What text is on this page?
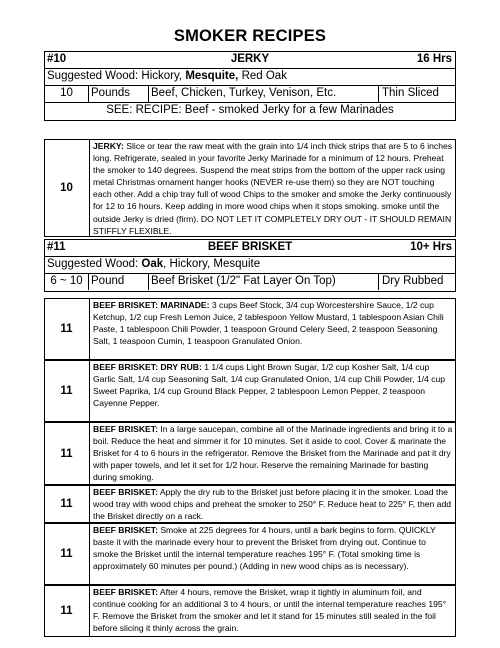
SMOKER RECIPES
#10	JERKY	16 Hrs
Suggested Wood: Hickory, Mesquite, Red Oak
10	Pounds	Beef, Chicken, Turkey, Venison, Etc.	Thin Sliced
SEE: RECIPE: Beef - smoked Jerky for a few Marinades
10
JERKY: Slice or tear the raw meat with the grain into 1/4 inch thick strips that are 5 to 6 inches long. Refrigerate, sealed in your favorite Jerky Marinade for a minimum of 12 hours. Preheat the smoker to 140 degrees. Suspend the meat strips from the bottom of the upper rack using metal Christmas ornament hanger hooks (NEVER re-use them) so they are NOT touching each other. Add a chip tray full of wood Chips to the smoker and smoke the Jerky continuously for 12 to 16 hours. Keep adding in more wood chips when it stops smoking. smoke until the outside Jerky is dried (firm). DO NOT LET IT COMPLETELY DRY OUT - IT SHOULD REMAIN STIFFLY FLEXIBLE.
#11	BEEF BRISKET	10+ Hrs
Suggested Wood: Oak, Hickory, Mesquite
6 ~ 10 Pound	Beef Brisket (1/2" Fat Layer On Top)	Dry Rubbed
11
BEEF BRISKET: MARINADE: 3 cups Beef Stock, 3/4 cup Worcestershire Sauce, 1/2 cup Ketchup, 1/2 cup Fresh Lemon Juice, 2 tablespoon Yellow Mustard, 1 tablespoon Asian Chili Paste, 1 tablespoon Chili Powder, 1 teaspoon Ground Celery Seed, 2 teaspoon Seasoning Salt, 1 teaspoon Cumin, 1 teaspoon Granulated Onion.
11
BEEF BRISKET: DRY RUB: 1 1/4 cups Light Brown Sugar, 1/2 cup Kosher Salt, 1/4 cup Garlic Salt, 1/4 cup Seasoning Salt, 1/4 cup Granulated Onion, 1/4 cup Chili Powder, 1/4 cup Sweet Paprika, 1/4 cup Ground Black Pepper, 2 tablespoon Lemon Pepper, 2 teaspoon Cayenne Pepper.
11
BEEF BRISKET: In a large saucepan, combine all of the Marinade ingredients and bring it to a boil. Reduce the heat and simmer it for 10 minutes. Set it aside to cool. Cover & marinate the Brisket for 4 to 6 hours in the refrigerator. Remove the Brisket from the Marinade and pat it dry with paper towels, and let it set for 1/2 hour. Reserve the remaining Marinade for basting during smoking.
11
BEEF BRISKET: Apply the dry rub to the Brisket just before placing it in the smoker. Load the wood tray with wood chips and preheat the smoker to 250° F. Reduce heat to 225° F, then add the Brisket directly on a rack.
11
BEEF BRISKET: Smoke at 225 degrees for 4 hours, until a bark begins to form. QUICKLY baste it with the marinade every hour to prevent the Brisket from drying out. Continue to smoke the Brisket until the internal temperature reaches 195° F. (Total smoking time is approximately 60 minutes per pound.) (Adding in new wood chips as is necessary).
11
BEEF BRISKET: After 4 hours, remove the Brisket, wrap it tightly in aluminum foil, and continue cooking for an additional 3 to 4 hours, or until the internal temperature reaches 195° F. Remove the Brisket from the smoker and let it stand for 15 minutes still sealed in the foil before slicing it thinly across the grain.
